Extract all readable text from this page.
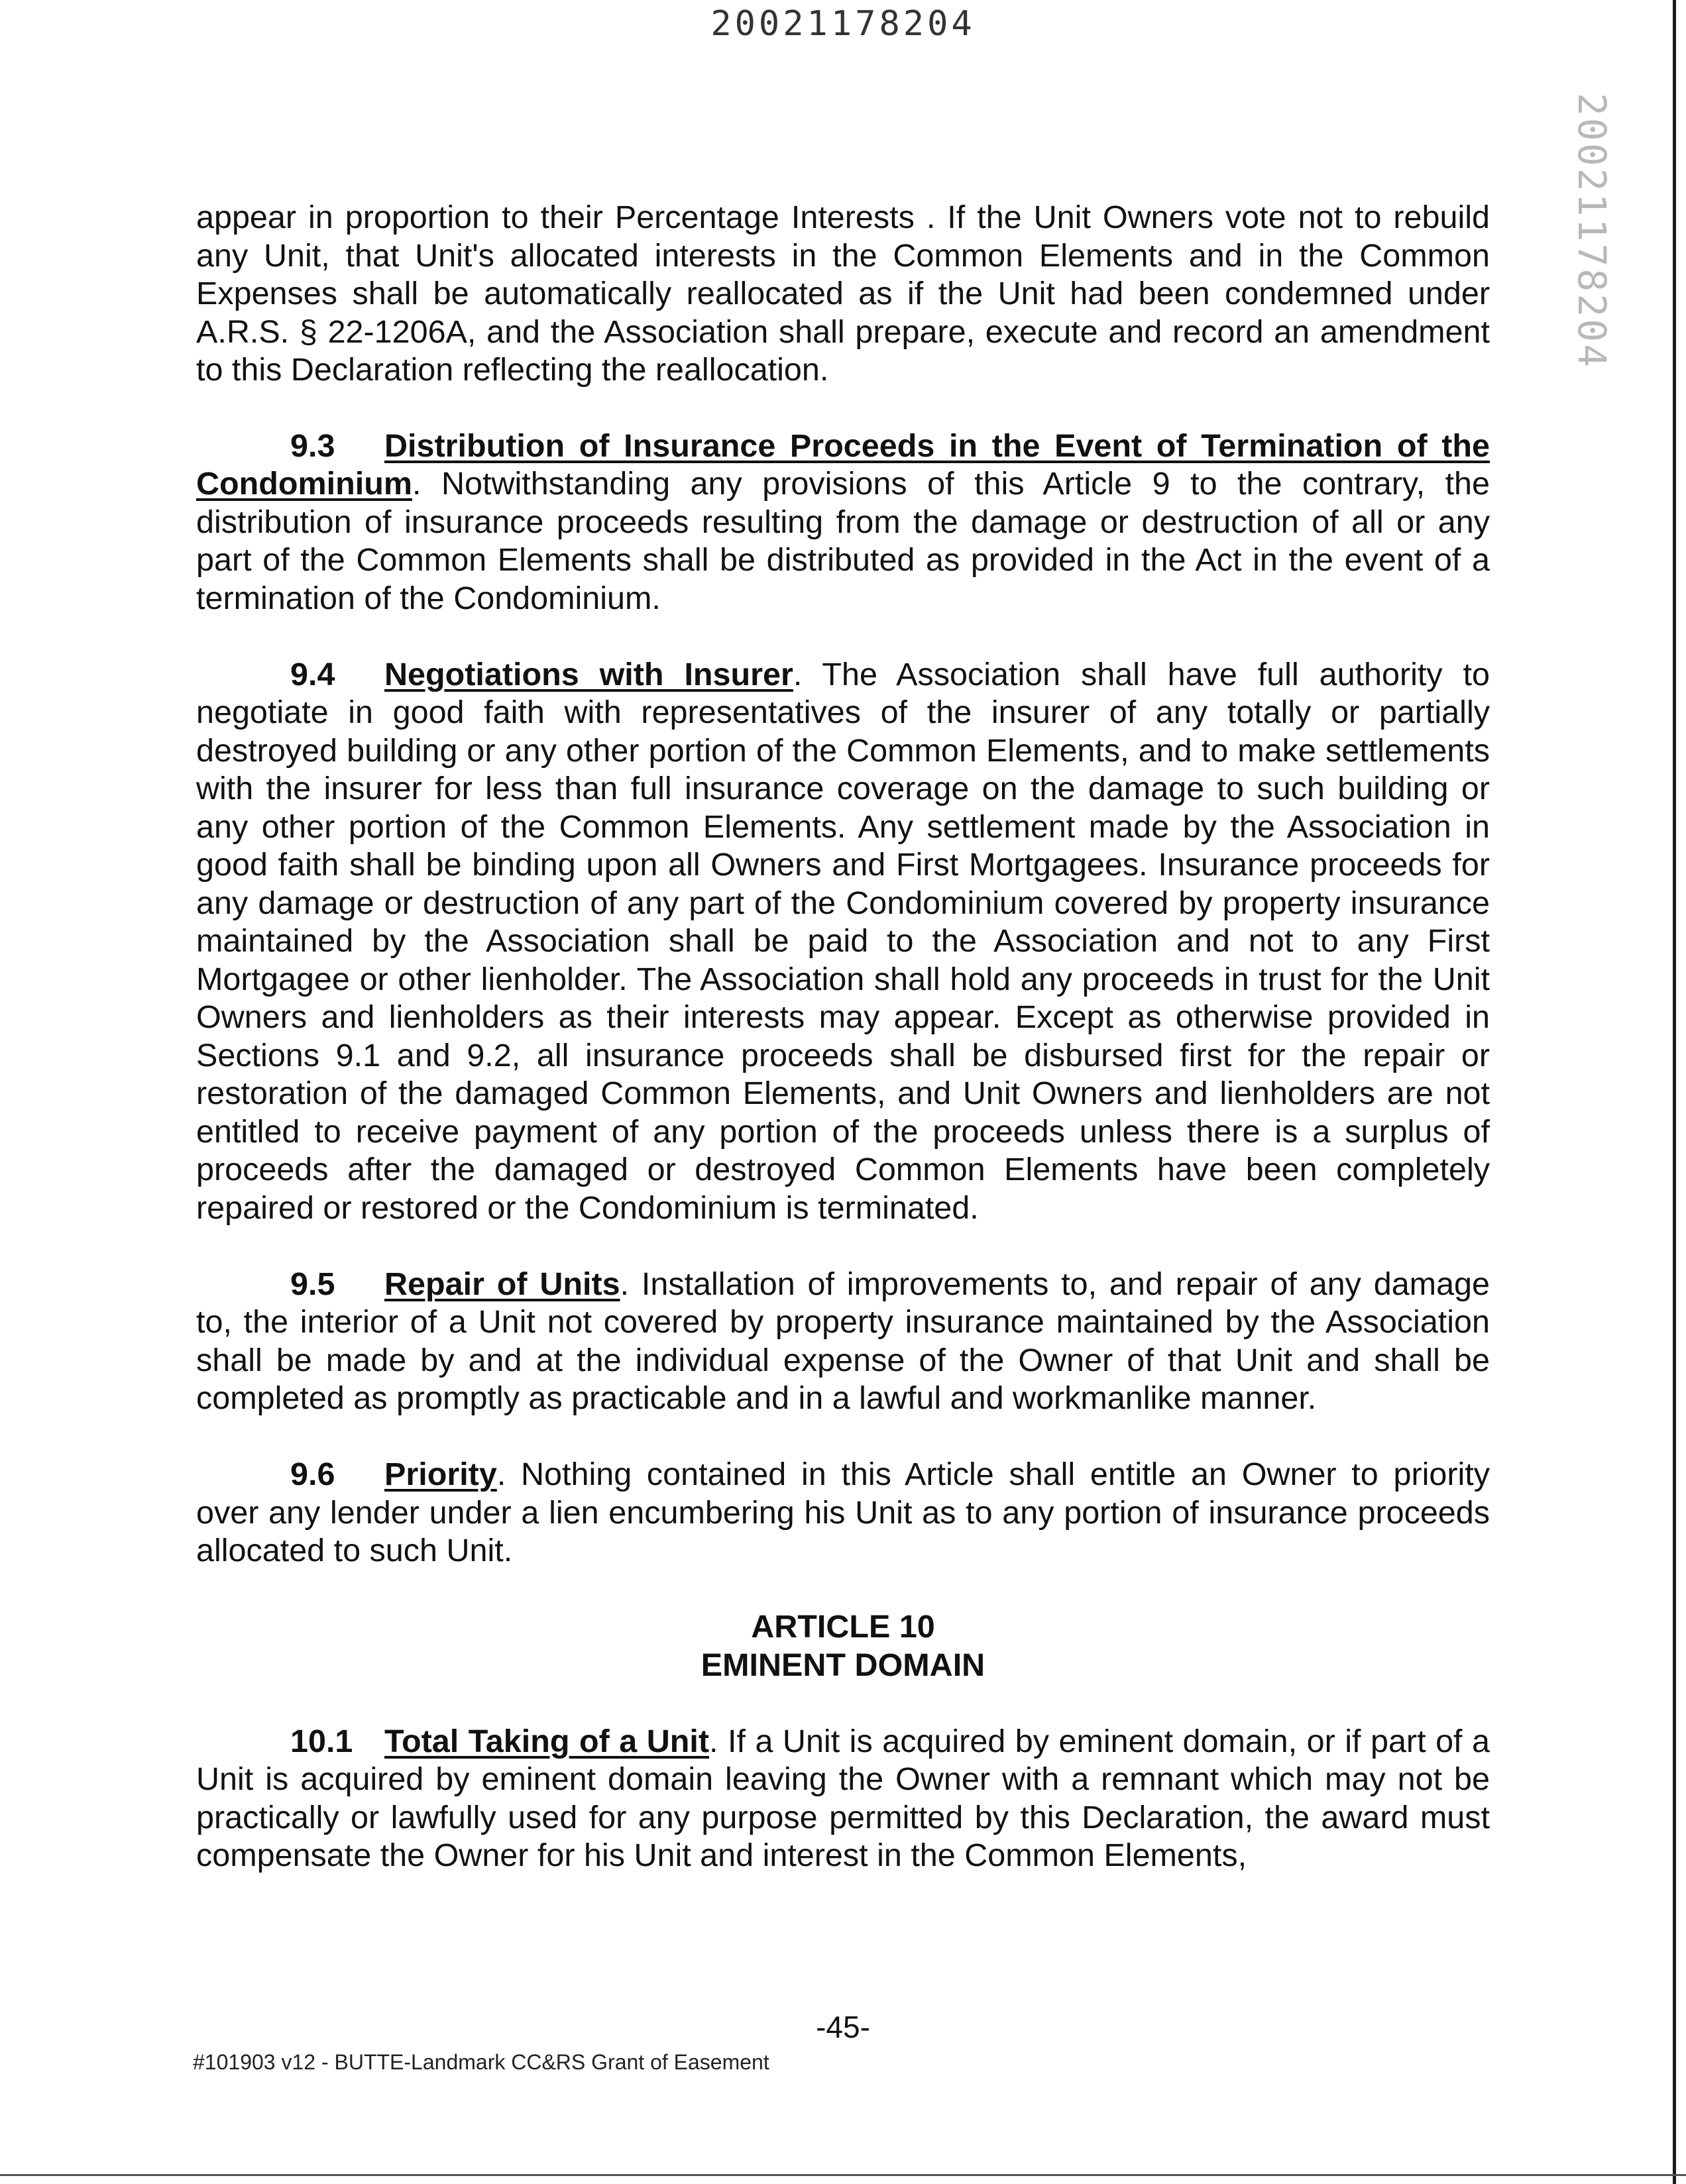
20021178204
20021178204

appear in proportion to their Percentage Interests . If the Unit Owners vote not to rebuild any Unit, that Unit's allocated interests in the Common Elements and in the Common Expenses shall be automatically reallocated as if the Unit had been condemned under A.R.S. § 22-1206A, and the Association shall prepare, execute and record an amendment to this Declaration reflecting the reallocation.

9.3 Distribution of Insurance Proceeds in the Event of Termination of the Condominium. Notwithstanding any provisions of this Article 9 to the contrary, the distribution of insurance proceeds resulting from the damage or destruction of all or any part of the Common Elements shall be distributed as provided in the Act in the event of a termination of the Condominium.

9.4 Negotiations with Insurer. The Association shall have full authority to negotiate in good faith with representatives of the insurer of any totally or partially destroyed building or any other portion of the Common Elements, and to make settlements with the insurer for less than full insurance coverage on the damage to such building or any other portion of the Common Elements. Any settlement made by the Association in good faith shall be binding upon all Owners and First Mortgagees. Insurance proceeds for any damage or destruction of any part of the Condominium covered by property insurance maintained by the Association shall be paid to the Association and not to any First Mortgagee or other lienholder. The Association shall hold any proceeds in trust for the Unit Owners and lienholders as their interests may appear. Except as otherwise provided in Sections 9.1 and 9.2, all insurance proceeds shall be disbursed first for the repair or restoration of the damaged Common Elements, and Unit Owners and lienholders are not entitled to receive payment of any portion of the proceeds unless there is a surplus of proceeds after the damaged or destroyed Common Elements have been completely repaired or restored or the Condominium is terminated.

9.5 Repair of Units. Installation of improvements to, and repair of any damage to, the interior of a Unit not covered by property insurance maintained by the Association shall be made by and at the individual expense of the Owner of that Unit and shall be completed as promptly as practicable and in a lawful and workmanlike manner.

9.6 Priority. Nothing contained in this Article shall entitle an Owner to priority over any lender under a lien encumbering his Unit as to any portion of insurance proceeds allocated to such Unit.

ARTICLE 10
EMINENT DOMAIN

10.1 Total Taking of a Unit. If a Unit is acquired by eminent domain, or if part of a Unit is acquired by eminent domain leaving the Owner with a remnant which may not be practically or lawfully used for any purpose permitted by this Declaration, the award must compensate the Owner for his Unit and interest in the Common Elements,

-45-
#101903 v12 - BUTTE-Landmark CC&RS Grant of Easement
